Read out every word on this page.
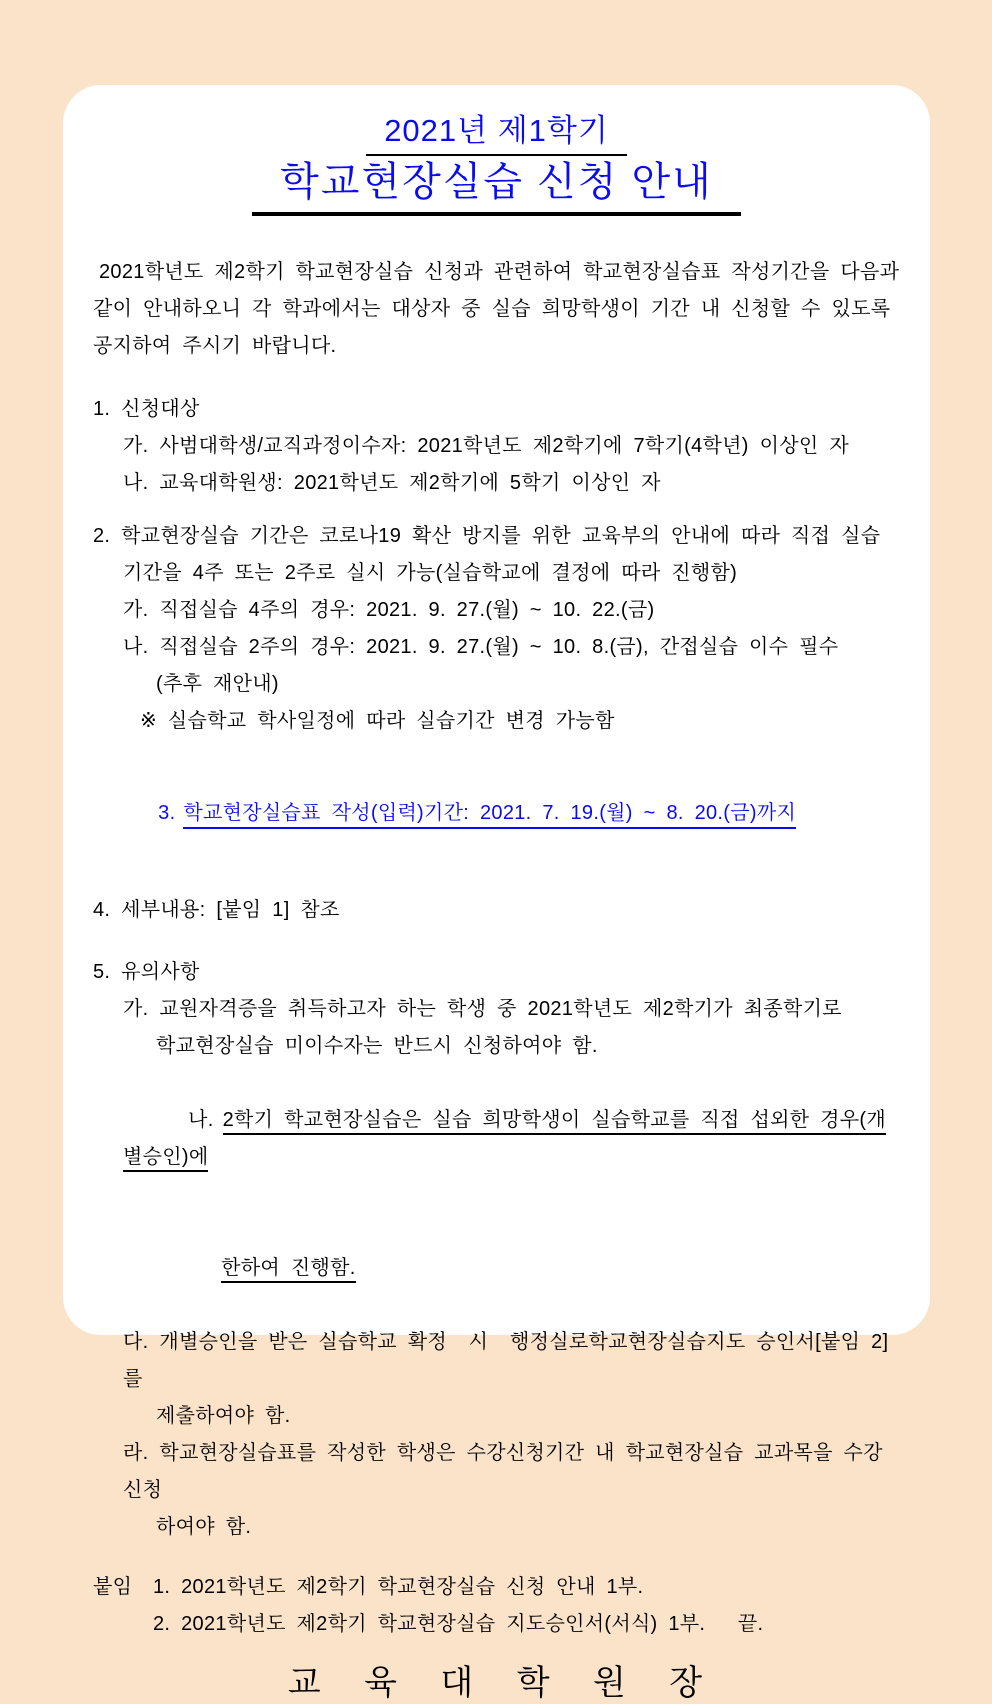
2021년 제1학기
학교현장실습 신청 안내
2021학년도 제2학기 학교현장실습 신청과 관련하여 학교현장실습표 작성기간을 다음과
같이 안내하오니 각 학과에서는 대상자 중 실습 희망학생이 기간 내 신청할 수 있도록
공지하여 주시기 바랍니다.
1. 신청대상
가. 사범대학생/교직과정이수자: 2021학년도 제2학기에 7학기(4학년) 이상인 자
나. 교육대학원생: 2021학년도 제2학기에 5학기 이상인 자
2. 학교현장실습 기간은 코로나19 확산 방지를 위한 교육부의 안내에 따라 직접 실습
기간을 4주 또는 2주로 실시 가능(실습학교에 결정에 따라 진행함)
가. 직접실습 4주의 경우: 2021. 9. 27.(월) ~ 10. 22.(금)
나. 직접실습 2주의 경우: 2021. 9. 27.(월) ~ 10. 8.(금), 간접실습 이수 필수
(추후 재안내)
※ 실습학교 학사일정에 따라 실습기간 변경 가능함

3. 학교현장실습표 작성(입력)기간: 2021. 7. 19.(월) ~ 8. 20.(금)까지

4. 세부내용: [붙임 1] 참조
5. 유의사항
가. 교원자격증을 취득하고자 하는 학생 중 2021학년도 제2학기가 최종학기로
학교현장실습 미이수자는 반드시 신청하여야 함.

나. 2학기 학교현장실습은 실습 희망학생이 실습학교를 직접 섭외한 경우(개별승인)에

한하여 진행함.

다. 개별승인을 받은 실습학교 확정  시  행정실로학교현장실습지도 승인서[붙임 2]를
제출하여야 함.
라. 학교현장실습표를 작성한 학생은 수강신청기간 내 학교현장실습 교과목을 수강신청
하여야 함.
붙임	1. 2021학년도 제2학기 학교현장실습 신청 안내 1부.
2. 2021학년도 제2학기 학교현장실습 지도승인서(서식) 1부.   끝.
교 육 대 학 원 장
